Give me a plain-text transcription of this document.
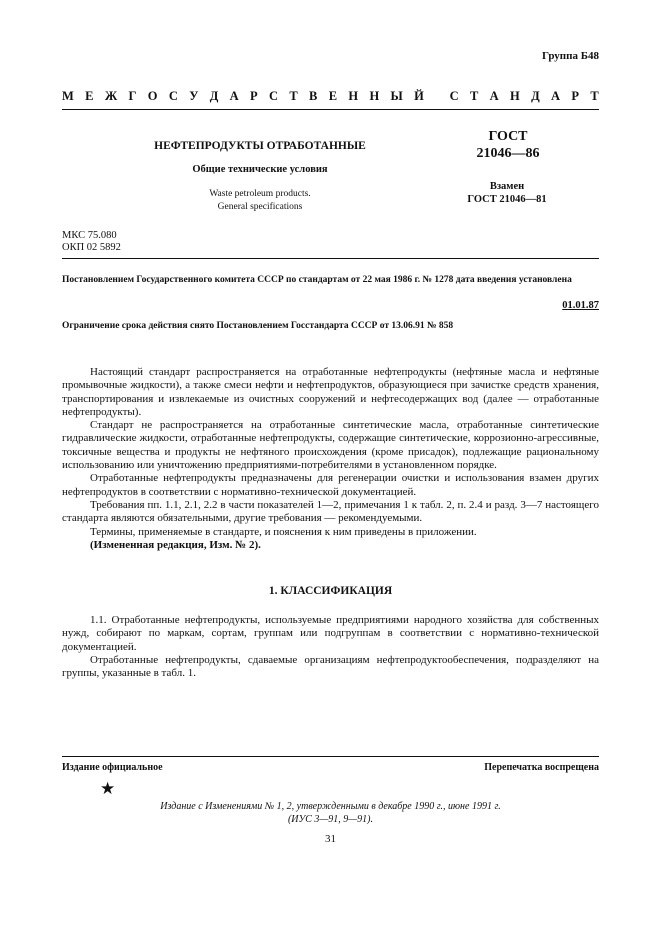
Группа Б48
М Е Ж Г О С У Д А Р С Т В Е Н Н Ы Й
С Т А Н Д А Р Т
НЕФТЕПРОДУКТЫ ОТРАБОТАННЫЕ
Общие технические условия
Waste petroleum products.
General specifications
ГОСТ
21046—86
Взамен
ГОСТ 21046—81
МКС 75.080
ОКП 02 5892
Постановлением Государственного комитета СССР по стандартам от 22 мая 1986 г. № 1278 дата введения установлена
01.01.87
Ограничение срока действия снято Постановлением Госстандарта СССР от 13.06.91 № 858

Настоящий стандарт распространяется на отработанные нефтепродукты (нефтяные масла и нефтяные промывочные жидкости), а также смеси нефти и нефтепродуктов, образующиеся при зачистке средств хранения, транспортирования и извлекаемые из очистных сооружений и нефтесодержащих вод (далее — отработанные нефтепродукты).

Стандарт не распространяется на отработанные синтетические масла, отработанные синтетические гидравлические жидкости, отработанные нефтепродукты, содержащие синтетические, коррозионно-агрессивные, токсичные вещества и продукты не нефтяного происхождения (кроме присадок), подлежащие рациональному использованию или уничтожению предприятиями-потребителями в установленном порядке.

Отработанные нефтепродукты предназначены для регенерации очистки и использования взамен других нефтепродуктов в соответствии с нормативно-технической документацией.

Требования пп. 1.1, 2.1, 2.2 в части показателей 1—2, примечания 1 к табл. 2, п. 2.4 и разд. 3—7 настоящего стандарта являются обязательными, другие требования — рекомендуемыми.

Термины, применяемые в стандарте, и пояснения к ним приведены в приложении.

(Измененная редакция, Изм. № 2).

1. КЛАССИФИКАЦИЯ

1.1. Отработанные нефтепродукты, используемые предприятиями народного хозяйства для собственных нужд, собирают по маркам, сортам, группам или подгруппам в соответствии с нормативно-технической документацией.

Отработанные нефтепродукты, сдаваемые организациям нефтепродуктообеспечения, подразделяют на группы, указанные в табл. 1.

Издание официальное	Перепечатка воспрещена
★
Издание с Изменениями № 1, 2, утвержденными в декабре 1990 г., июне 1991 г.
(ИУС 3—91, 9—91).
31
